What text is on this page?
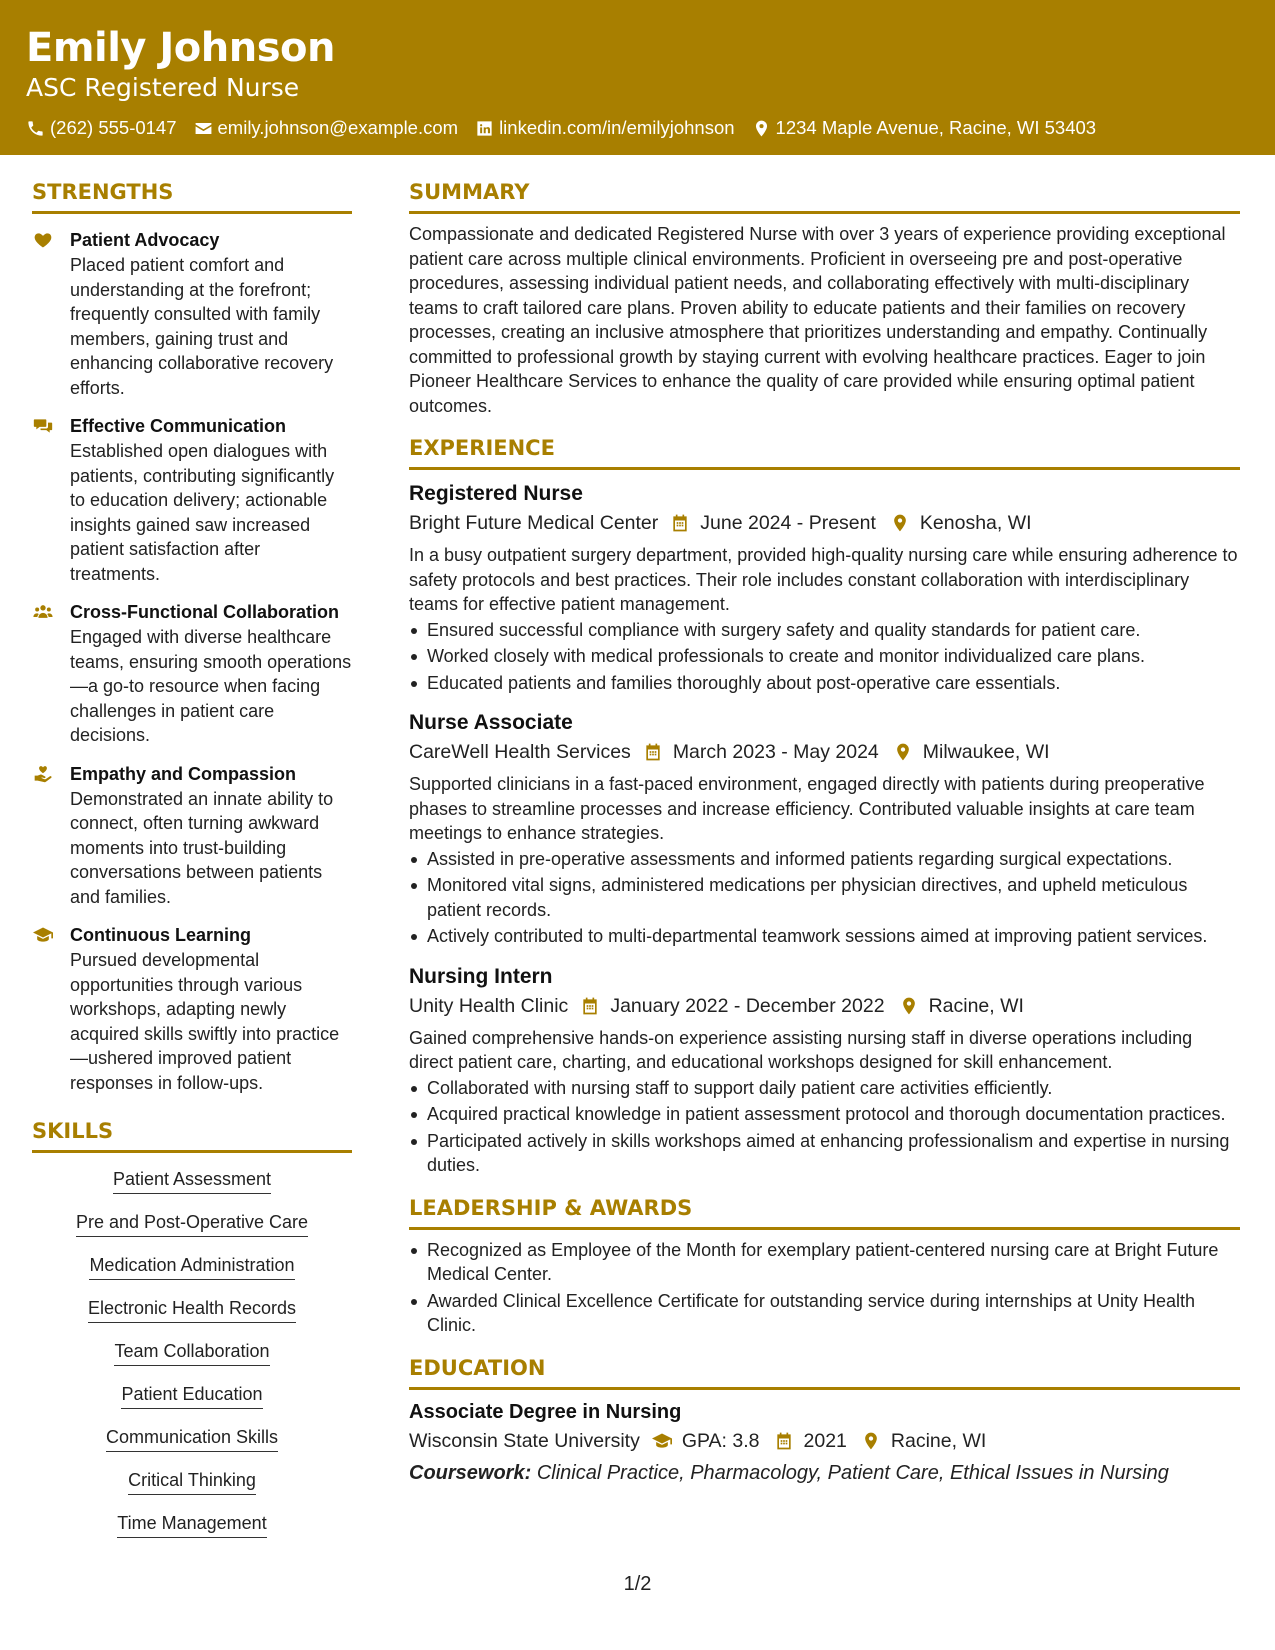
Emily Johnson
ASC Registered Nurse
(262) 555-0147 emily.johnson@example.com linkedin.com/in/emilyjohnson 1234 Maple Avenue, Racine, WI 53403
STRENGTHS
Patient Advocacy
Placed patient comfort and understanding at the forefront; frequently consulted with family members, gaining trust and enhancing collaborative recovery efforts.
Effective Communication
Established open dialogues with patients, contributing significantly to education delivery; actionable insights gained saw increased patient satisfaction after treatments.
Cross-Functional Collaboration
Engaged with diverse healthcare teams, ensuring smooth operations—a go-to resource when facing challenges in patient care decisions.
Empathy and Compassion
Demonstrated an innate ability to connect, often turning awkward moments into trust-building conversations between patients and families.
Continuous Learning
Pursued developmental opportunities through various workshops, adapting newly acquired skills swiftly into practice—ushered improved patient responses in follow-ups.
SKILLS
Patient Assessment
Pre and Post-Operative Care
Medication Administration
Electronic Health Records
Team Collaboration
Patient Education
Communication Skills
Critical Thinking
Time Management
SUMMARY

Compassionate and dedicated Registered Nurse with over 3 years of experience providing exceptional patient care across multiple clinical environments. Proficient in overseeing pre and post-operative procedures, assessing individual patient needs, and collaborating effectively with multi-disciplinary teams to craft tailored care plans. Proven ability to educate patients and their families on recovery processes, creating an inclusive atmosphere that prioritizes understanding and empathy. Continually committed to professional growth by staying current with evolving healthcare practices. Eager to join Pioneer Healthcare Services to enhance the quality of care provided while ensuring optimal patient outcomes.

EXPERIENCE
Registered Nurse
Bright Future Medical Center June 2024 - Present Kenosha, WI

In a busy outpatient surgery department, provided high-quality nursing care while ensuring adherence to safety protocols and best practices. Their role includes constant collaboration with interdisciplinary teams for effective patient management.

Ensured successful compliance with surgery safety and quality standards for patient care.
Worked closely with medical professionals to create and monitor individualized care plans.
Educated patients and families thoroughly about post-operative care essentials.
Nurse Associate
CareWell Health Services March 2023 - May 2024 Milwaukee, WI

Supported clinicians in a fast-paced environment, engaged directly with patients during preoperative phases to streamline processes and increase efficiency. Contributed valuable insights at care team meetings to enhance strategies.

Assisted in pre-operative assessments and informed patients regarding surgical expectations.
Monitored vital signs, administered medications per physician directives, and upheld meticulous patient records.
Actively contributed to multi-departmental teamwork sessions aimed at improving patient services.
Nursing Intern
Unity Health Clinic January 2022 - December 2022 Racine, WI

Gained comprehensive hands-on experience assisting nursing staff in diverse operations including direct patient care, charting, and educational workshops designed for skill enhancement.

Collaborated with nursing staff to support daily patient care activities efficiently.
Acquired practical knowledge in patient assessment protocol and thorough documentation practices.
Participated actively in skills workshops aimed at enhancing professionalism and expertise in nursing duties.
LEADERSHIP & AWARDS
Recognized as Employee of the Month for exemplary patient-centered nursing care at Bright Future Medical Center.
Awarded Clinical Excellence Certificate for outstanding service during internships at Unity Health Clinic.
EDUCATION
Associate Degree in Nursing
Wisconsin State University GPA: 3.8 2021 Racine, WI
Coursework: Clinical Practice, Pharmacology, Patient Care, Ethical Issues in Nursing
1/2
